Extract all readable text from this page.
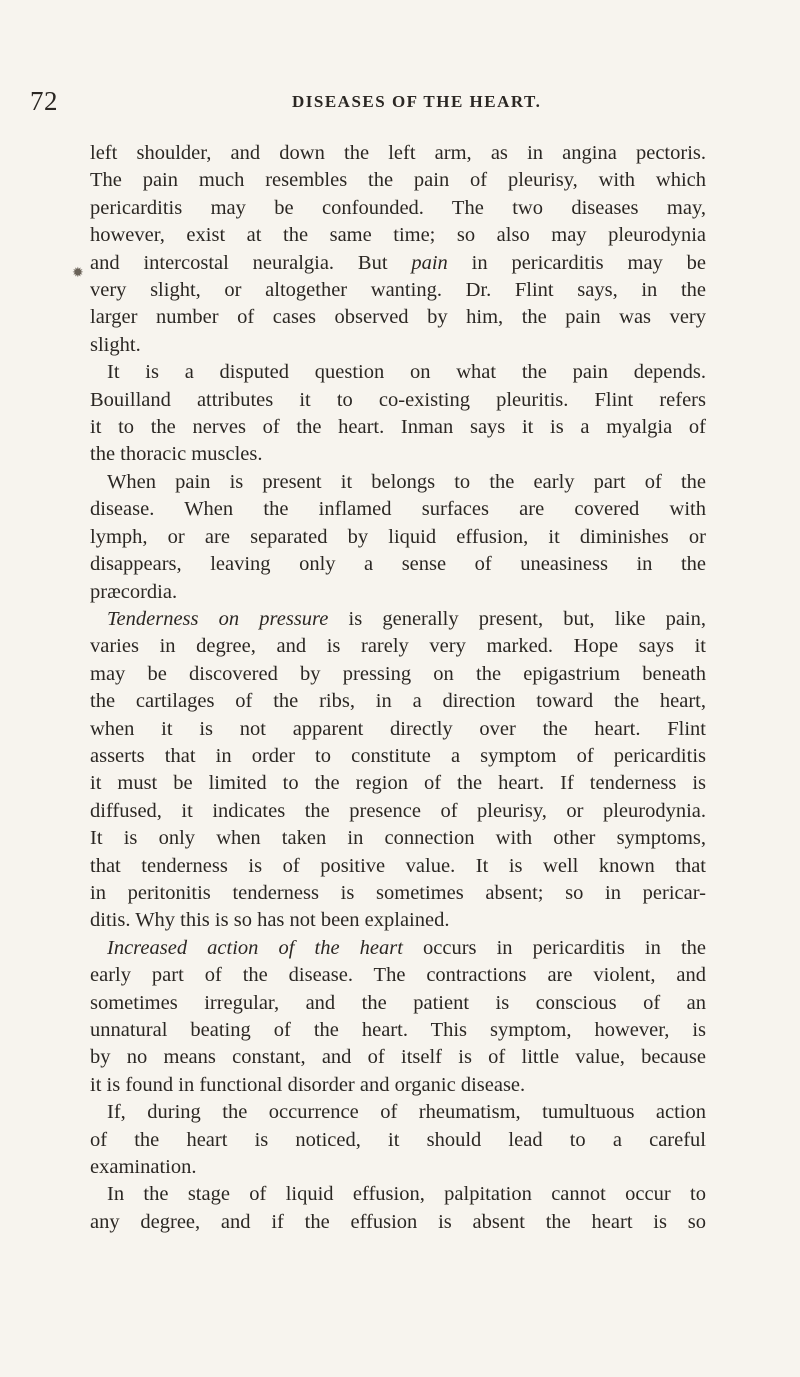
72	DISEASES OF THE HEART.
✹
left shoulder, and down the left arm, as in angina pectoris.
The pain much resembles the pain of pleurisy, with which
pericarditis may be confounded. The two diseases may,
however, exist at the same time; so also may pleurodynia
and intercostal neuralgia. But pain in pericarditis may be
very slight, or altogether wanting. Dr. Flint says, in the
larger number of cases observed by him, the pain was very
slight.
It is a disputed question on what the pain depends.
Bouilland attributes it to co-existing pleuritis. Flint refers
it to the nerves of the heart. Inman says it is a myalgia of
the thoracic muscles.
When pain is present it belongs to the early part of the
disease. When the inflamed surfaces are covered with
lymph, or are separated by liquid effusion, it diminishes or
disappears, leaving only a sense of uneasiness in the
præcordia.
Tenderness on pressure is generally present, but, like pain,
varies in degree, and is rarely very marked. Hope says it
may be discovered by pressing on the epigastrium beneath
the cartilages of the ribs, in a direction toward the heart,
when it is not apparent directly over the heart. Flint
asserts that in order to constitute a symptom of pericarditis
it must be limited to the region of the heart. If tenderness is
diffused, it indicates the presence of pleurisy, or pleurodynia.
It is only when taken in connection with other symptoms,
that tenderness is of positive value. It is well known that
in peritonitis tenderness is sometimes absent; so in pericar-
ditis. Why this is so has not been explained.
Increased action of the heart occurs in pericarditis in the
early part of the disease. The contractions are violent, and
sometimes irregular, and the patient is conscious of an
unnatural beating of the heart. This symptom, however, is
by no means constant, and of itself is of little value, because
it is found in functional disorder and organic disease.
If, during the occurrence of rheumatism, tumultuous action
of the heart is noticed, it should lead to a careful
examination.
In the stage of liquid effusion, palpitation cannot occur to
any degree, and if the effusion is absent the heart is so
